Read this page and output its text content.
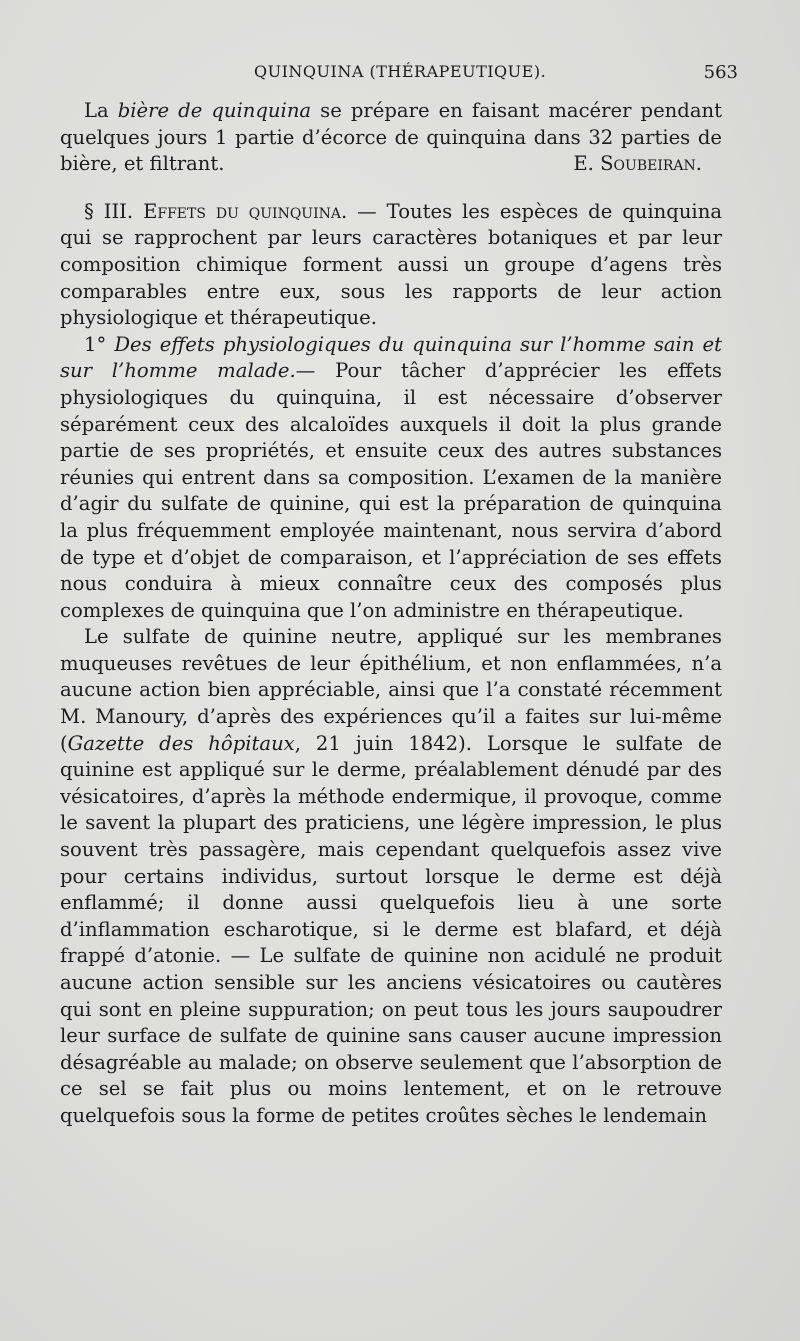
QUINQUINA (THÉRAPEUTIQUE).	563

La bière de quinquina se prépare en faisant macérer pendant quelques jours 1 partie d’écorce de quinquina dans 32 parties de bière, et filtrant.	E. Soubeiran.

§ III. Effets du quinquina. — Toutes les espèces de quinquina qui se rapprochent par leurs caractères botaniques et par leur composition chimique forment aussi un groupe d’agens très comparables entre eux, sous les rapports de leur action physiologique et thérapeutique.

1° Des effets physiologiques du quinquina sur l’homme sain et sur l’homme malade.— Pour tâcher d’apprécier les effets physiologiques du quinquina, il est nécessaire d’observer séparément ceux des alcaloïdes auxquels il doit la plus grande partie de ses propriétés, et ensuite ceux des autres substances réunies qui entrent dans sa composition. L’examen de la manière d’agir du sulfate de quinine, qui est la préparation de quinquina la plus fréquemment employée maintenant, nous servira d’abord de type et d’objet de comparaison, et l’appréciation de ses effets nous conduira à mieux connaître ceux des composés plus complexes de quinquina que l’on administre en thérapeutique.

Le sulfate de quinine neutre, appliqué sur les membranes muqueuses revêtues de leur épithélium, et non enflammées, n’a aucune action bien appréciable, ainsi que l’a constaté récemment M. Manoury, d’après des expériences qu’il a faites sur lui-même (Gazette des hôpitaux, 21 juin 1842). Lorsque le sulfate de quinine est appliqué sur le derme, préalablement dénudé par des vésicatoires, d’après la méthode endermique, il provoque, comme le savent la plupart des praticiens, une légère impression, le plus souvent très passagère, mais cependant quelquefois assez vive pour certains individus, surtout lorsque le derme est déjà enflammé; il donne aussi quelquefois lieu à une sorte d’inflammation escharotique, si le derme est blafard, et déjà frappé d’atonie. — Le sulfate de quinine non acidulé ne produit aucune action sensible sur les anciens vésicatoires ou cautères qui sont en pleine suppuration; on peut tous les jours saupoudrer leur surface de sulfate de quinine sans causer aucune impression désagréable au malade; on observe seulement que l’absorption de ce sel se fait plus ou moins lentement, et on le retrouve quelquefois sous la forme de petites croûtes sèches le lendemain
